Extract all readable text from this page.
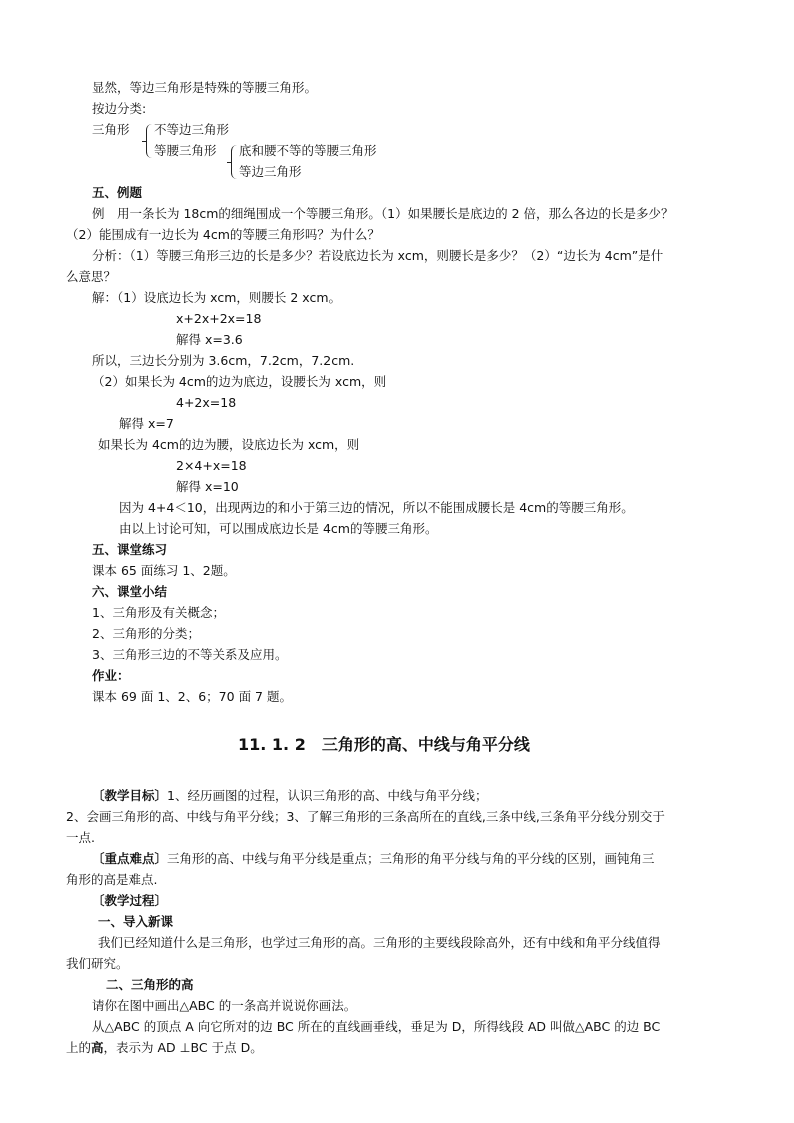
显然，等边三角形是特殊的等腰三角形。
按边分类:
三角形 不等边三角形
等腰三角形 底和腰不等的等腰三角形
等边三角形
五、例题
例　用一条长为 18cm的细绳围成一个等腰三角形。（1）如果腰长是底边的 2 倍，那么各边的长是多少？
（2）能围成有一边长为 4cm的等腰三角形吗？为什么？
分析：（1）等腰三角形三边的长是多少？若设底边长为 xcm，则腰长是多少？（2）“边长为 4cm”是什
么意思？
解：（1）设底边长为 xcm，则腰长 2 xcm。
x+2x+2x=18
解得 x=3.6
所以，三边长分别为 3.6cm，7.2cm，7.2cm.
（2）如果长为 4cm的边为底边，设腰长为 xcm，则
4+2x=18
解得 x=7
如果长为 4cm的边为腰，设底边长为 xcm，则
2×4+x=18
解得 x=10
因为 4+4＜10，出现两边的和小于第三边的情况，所以不能围成腰长是 4cm的等腰三角形。
由以上讨论可知，可以围成底边长是 4cm的等腰三角形。
五、课堂练习
课本 65 面练习 1、2题。
六、课堂小结
1、三角形及有关概念；
2、三角形的分类；
3、三角形三边的不等关系及应用。
作业：
课本 69 面 1、2、6；70 面 7 题。
11. 1. 2　三角形的高、中线与角平分线
〔教学目标〕1、经历画图的过程，认识三角形的高、中线与角平分线；
2、会画三角形的高、中线与角平分线；3、了解三角形的三条高所在的直线,三条中线,三条角平分线分别交于
一点.
〔重点难点〕三角形的高、中线与角平分线是重点；三角形的角平分线与角的平分线的区别，画钝角三
角形的高是难点.
〔教学过程〕
一、导入新课
我们已经知道什么是三角形，也学过三角形的高。三角形的主要线段除高外，还有中线和角平分线值得
我们研究。
二、三角形的高
请你在图中画出△ABC 的一条高并说说你画法。
从△ABC 的顶点 A 向它所对的边 BC 所在的直线画垂线，垂足为 D，所得线段 AD 叫做△ABC 的边 BC
上的高，表示为 AD ⊥BC 于点 D。
